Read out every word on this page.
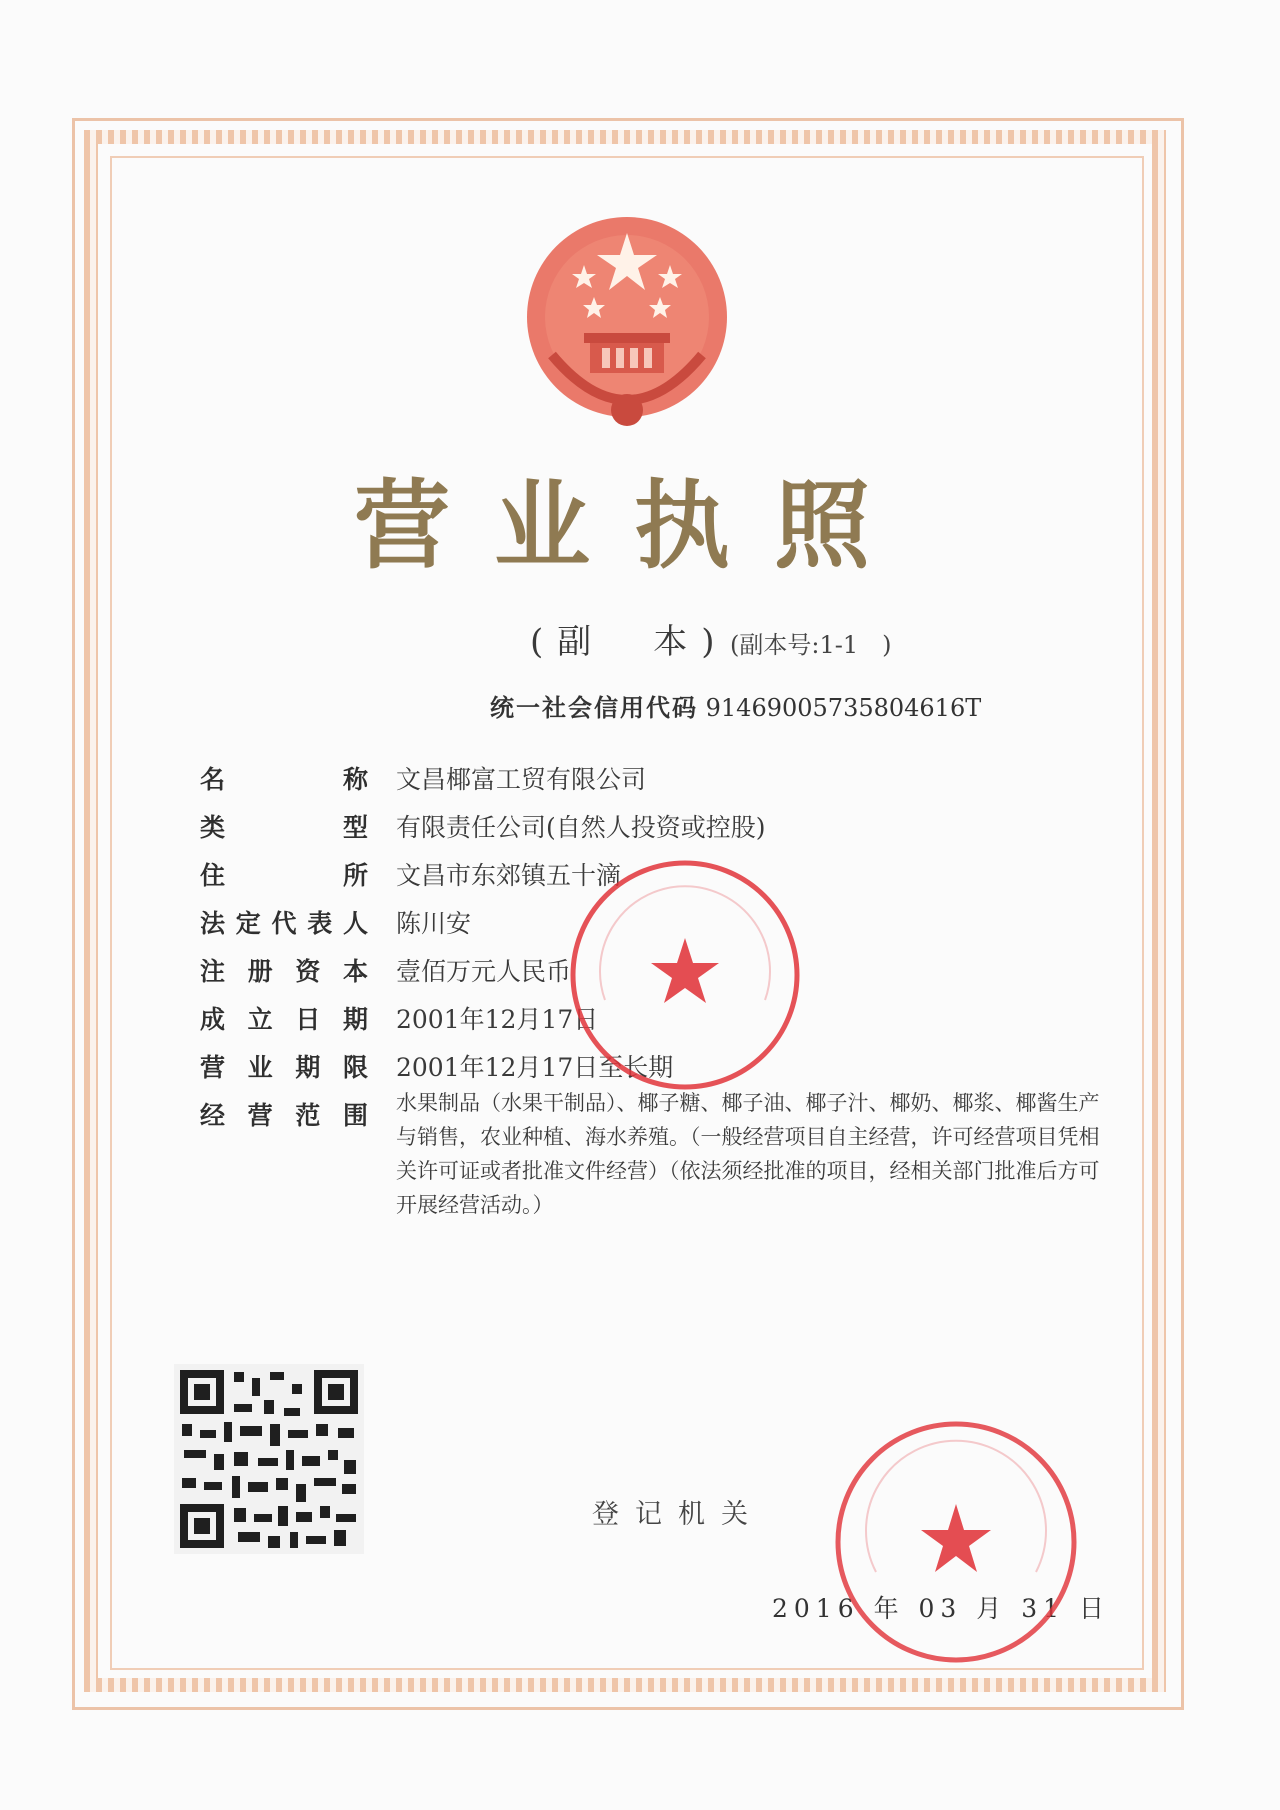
营业执照
(副　本) (副本号:1-1　)
统一社会信用代码 91469005735804616T
名	称 文昌椰富工贸有限公司
类	型 有限责任公司(自然人投资或控股)
住	所 文昌市东郊镇五十滴
法 定 代 表 人 陈川安
注 册 资 本 壹佰万元人民币
成 立 日 期 2001年12月17日
营 业 期 限 2001年12月17日至长期
经 营 范 围 水果制品（水果干制品）、椰子糖、椰子油、椰子汁、椰奶、椰浆、椰酱生产与销售，农业种植、海水养殖。（一般经营项目自主经营，许可经营项目凭相关许可证或者批准文件经营）（依法须经批准的项目，经相关部门批准后方可开展经营活动。）
登记机关
2016 年 03 月 31 日
